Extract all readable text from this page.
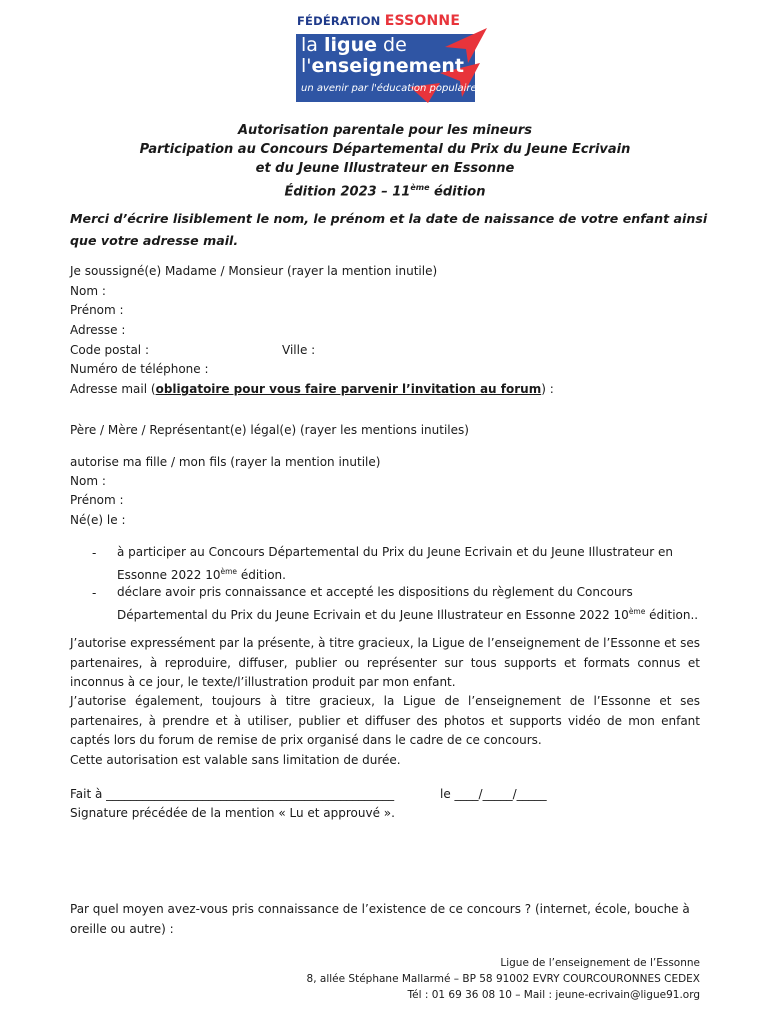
FÉDÉRATION ESSONNE
la ligue de
l'enseignement
un avenir par l'éducation populaire
Autorisation parentale pour les mineurs
Participation au Concours Départemental du Prix du Jeune Ecrivain
et du Jeune Illustrateur en Essonne
Édition 2023 – 11ème édition
Merci d’écrire lisiblement le nom, le prénom et la date de naissance de votre enfant ainsi que votre adresse mail.
Je soussigné(e) Madame / Monsieur (rayer la mention inutile)
Nom :
Prénom :
Adresse :
Code postal :	Ville :
Numéro de téléphone :
Adresse mail (obligatoire pour vous faire parvenir l’invitation au forum) :
Père / Mère / Représentant(e) légal(e) (rayer les mentions inutiles)
autorise ma fille / mon fils (rayer la mention inutile)
Nom :
Prénom :
Né(e) le :
- à participer au Concours Départemental du Prix du Jeune Ecrivain et du Jeune Illustrateur en Essonne 2022 10ème édition.
- déclare avoir pris connaissance et accepté les dispositions du règlement du Concours Départemental du Prix du Jeune Ecrivain et du Jeune Illustrateur en Essonne 2022 10ème édition..
J’autorise expressément par la présente, à titre gracieux, la Ligue de l’enseignement de l’Essonne et ses partenaires, à reproduire, diffuser, publier ou représenter sur tous supports et formats connus et inconnus à ce jour, le texte/l’illustration produit par mon enfant.
J’autorise également, toujours à titre gracieux, la Ligue de l’enseignement de l’Essonne et ses partenaires, à prendre et à utiliser, publier et diffuser des photos et supports vidéo de mon enfant captés lors du forum de remise de prix organisé dans le cadre de ce concours.
Cette autorisation est valable sans limitation de durée.
Fait à ________________________________________________	le ____/_____/_____
Signature précédée de la mention « Lu et approuvé ».
Par quel moyen avez-vous pris connaissance de l’existence de ce concours ? (internet, école, bouche à oreille ou autre) :
Ligue de l’enseignement de l’Essonne
8, allée Stéphane Mallarmé – BP 58 91002 EVRY COURCOURONNES CEDEX
Tél : 01 69 36 08 10 – Mail : jeune-ecrivain@ligue91.org
